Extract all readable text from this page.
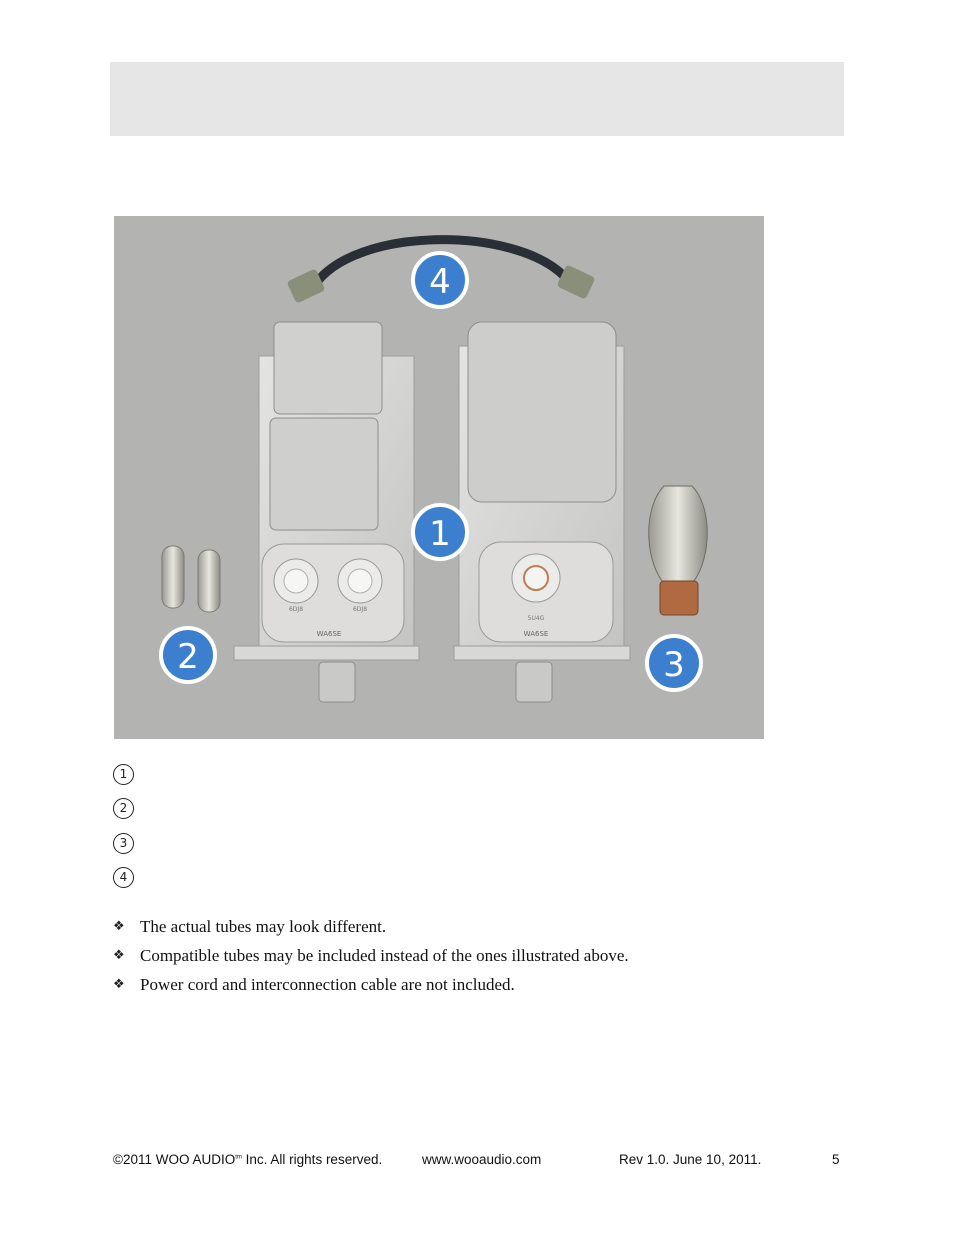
6DJ8	6DJ8
WA6SE
5U4G
WA6SE
4
1
2	3
1
2
3
4
❖ The actual tubes may look different.
❖ Compatible tubes may be included instead of the ones illustrated above.
❖ Power cord and interconnection cable are not included.
©2011 WOO $AUDIO^{tm}$ Inc. All rights reserved.	www.wooaudio.com	Rev 1.0. June 10, 2011.	5
